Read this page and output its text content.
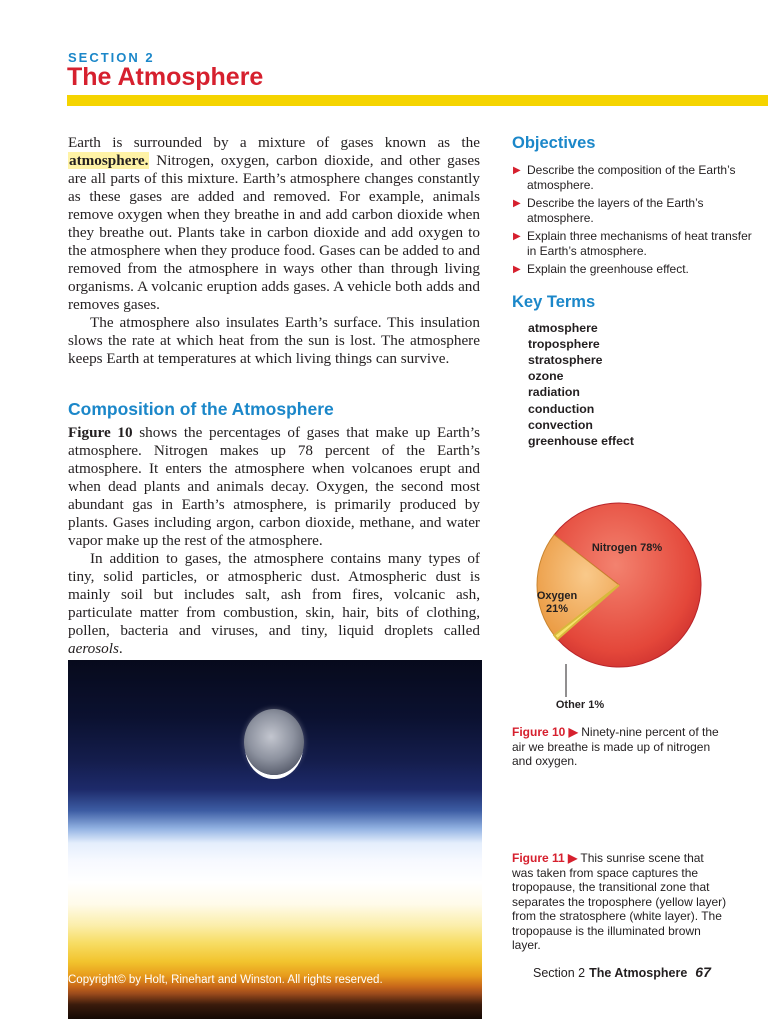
SECTION 2
The Atmosphere

Earth is surrounded by a mixture of gases known as the atmosphere. Nitrogen, oxygen, carbon dioxide, and other gases are all parts of this mixture. Earth’s atmosphere changes constantly as these gases are added and removed. For example, animals remove oxygen when they breathe in and add carbon dioxide when they breathe out. Plants take in carbon dioxide and add oxygen to the atmosphere when they produce food. Gases can be added to and removed from the atmosphere in ways other than through living organisms. A volcanic eruption adds gases. A vehicle both adds and removes gases.

The atmosphere also insulates Earth’s surface. This insulation slows the rate at which heat from the sun is lost. The atmosphere keeps Earth at temperatures at which living things can survive.

Composition of the Atmosphere

Figure 10 shows the percentages of gases that make up Earth’s atmosphere. Nitrogen makes up 78 percent of the Earth’s atmosphere. It enters the atmosphere when volcanoes erupt and when dead plants and animals decay. Oxygen, the second most abundant gas in Earth’s atmosphere, is primarily produced by plants. Gases including argon, carbon dioxide, methane, and water vapor make up the rest of the atmosphere.

In addition to gases, the atmosphere contains many types of tiny, solid particles, or atmospheric dust. Atmospheric dust is mainly soil but includes salt, ash from fires, volcanic ash, particulate matter from combustion, skin, hair, bits of clothing, pollen, bacteria and viruses, and tiny, liquid droplets called aerosols.

Objectives
▶ Describe the composition of the Earth’s atmosphere.
▶ Describe the layers of the Earth’s atmosphere.
▶ Explain three mechanisms of heat transfer in Earth’s atmosphere.
▶ Explain the greenhouse effect.
Key Terms
atmosphere
troposphere
stratosphere
ozone
radiation
conduction
convection
greenhouse effect
Nitrogen 78%
Oxygen 21%
Other 1%
Figure 10 ▶ Ninety-nine percent of the air we breathe is made up of nitrogen and oxygen.
Figure 11 ▶ This sunrise scene that was taken from space captures the tropopause, the transitional zone that separates the troposphere (yellow layer) from the stratosphere (white layer). The tropopause is the illuminated brown layer.
Copyright© by Holt, Rinehart and Winston. All rights reserved.	Section 2 The Atmosphere 67
